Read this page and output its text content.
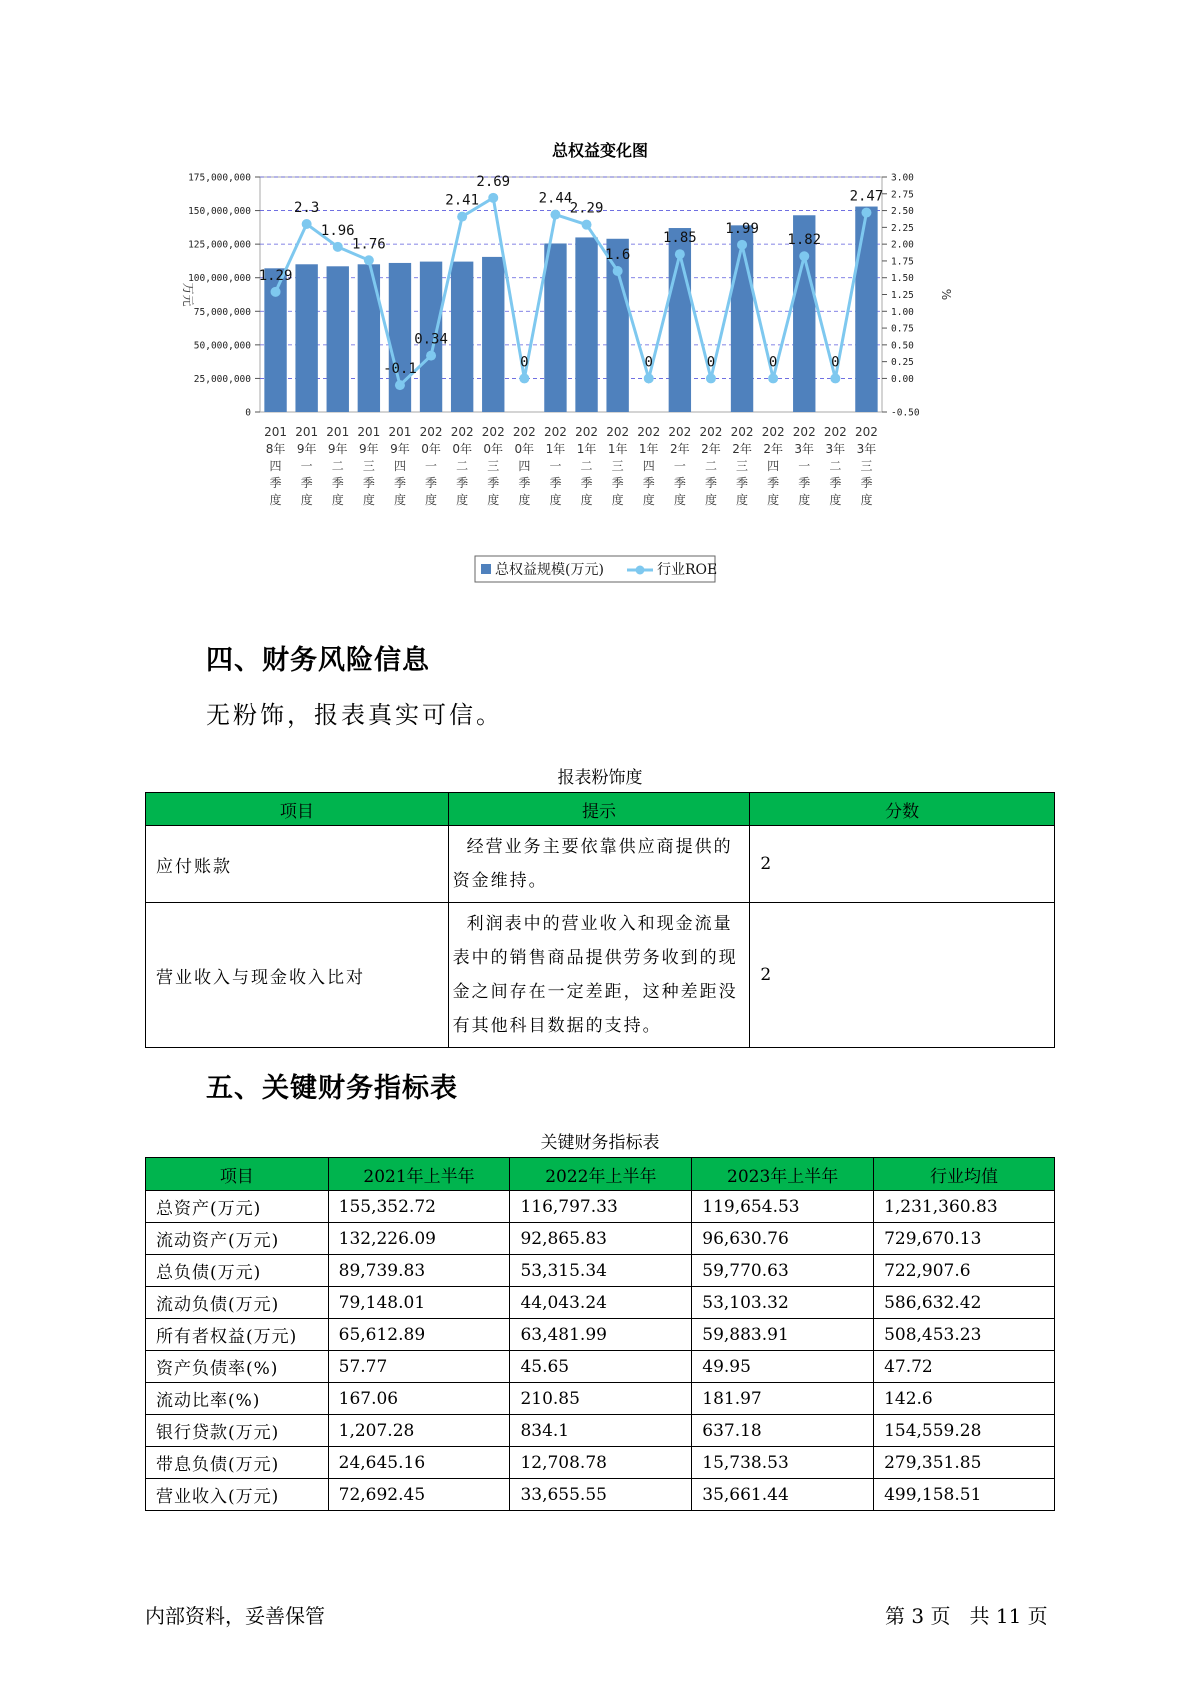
总权益变化图
0
25,000,000
50,000,000
75,000,000
100,000,000
125,000,000
150,000,000
175,000,000
-0.50
0.00
0.25
0.50
0.75
1.00
1.25
1.50
1.75
2.00
2.25
2.50
2.75
3.00
万元	%
1.29
2.3
1.96
1.76
-0.1
0.34
2.41
2.69
0
2.44
2.29
1.6
0
1.85
0
1.99
0
1.82
0
2.47
201
8年
四
季
度
201
9年
一
季
度
201
9年
二
季
度
201
9年
三
季
度
201
9年
四
季
度
202
0年
一
季
度
202
0年
二
季
度
202
0年
三
季
度
202
0年
四
季
度
202
1年
一
季
度
202
1年
二
季
度
202
1年
三
季
度
202
1年
四
季
度
202
2年
一
季
度
202
2年
二
季
度
202
2年
三
季
度
202
2年
四
季
度
202
3年
一
季
度
202
3年
二
季
度
202
3年
三
季
度
总权益规模(万元)	行业ROE
四、财务风险信息
无粉饰，报表真实可信。
报表粉饰度
项目	提示	分数
应付账款	经营业务主要依靠供应商提供的资金维持。	2
营业收入与现金收入比对	利润表中的营业收入和现金流量表中的销售商品提供劳务收到的现金之间存在一定差距，这种差距没有其他科目数据的支持。	2
五、关键财务指标表
关键财务指标表
项目	2021年上半年	2022年上半年	2023年上半年	行业均值
总资产(万元)	155,352.72	116,797.33	119,654.53	1,231,360.83
流动资产(万元)	132,226.09	92,865.83	96,630.76	729,670.13
总负债(万元)	89,739.83	53,315.34	59,770.63	722,907.6
流动负债(万元)	79,148.01	44,043.24	53,103.32	586,632.42
所有者权益(万元)	65,612.89	63,481.99	59,883.91	508,453.23
资产负债率(%)	57.77	45.65	49.95	47.72
流动比率(%)	167.06	210.85	181.97	142.6
银行贷款(万元)	1,207.28	834.1	637.18	154,559.28
带息负债(万元)	24,645.16	12,708.78	15,738.53	279,351.85
营业收入(万元)	72,692.45	33,655.55	35,661.44	499,158.51
内部资料，妥善保管	第 3 页   共 11 页
